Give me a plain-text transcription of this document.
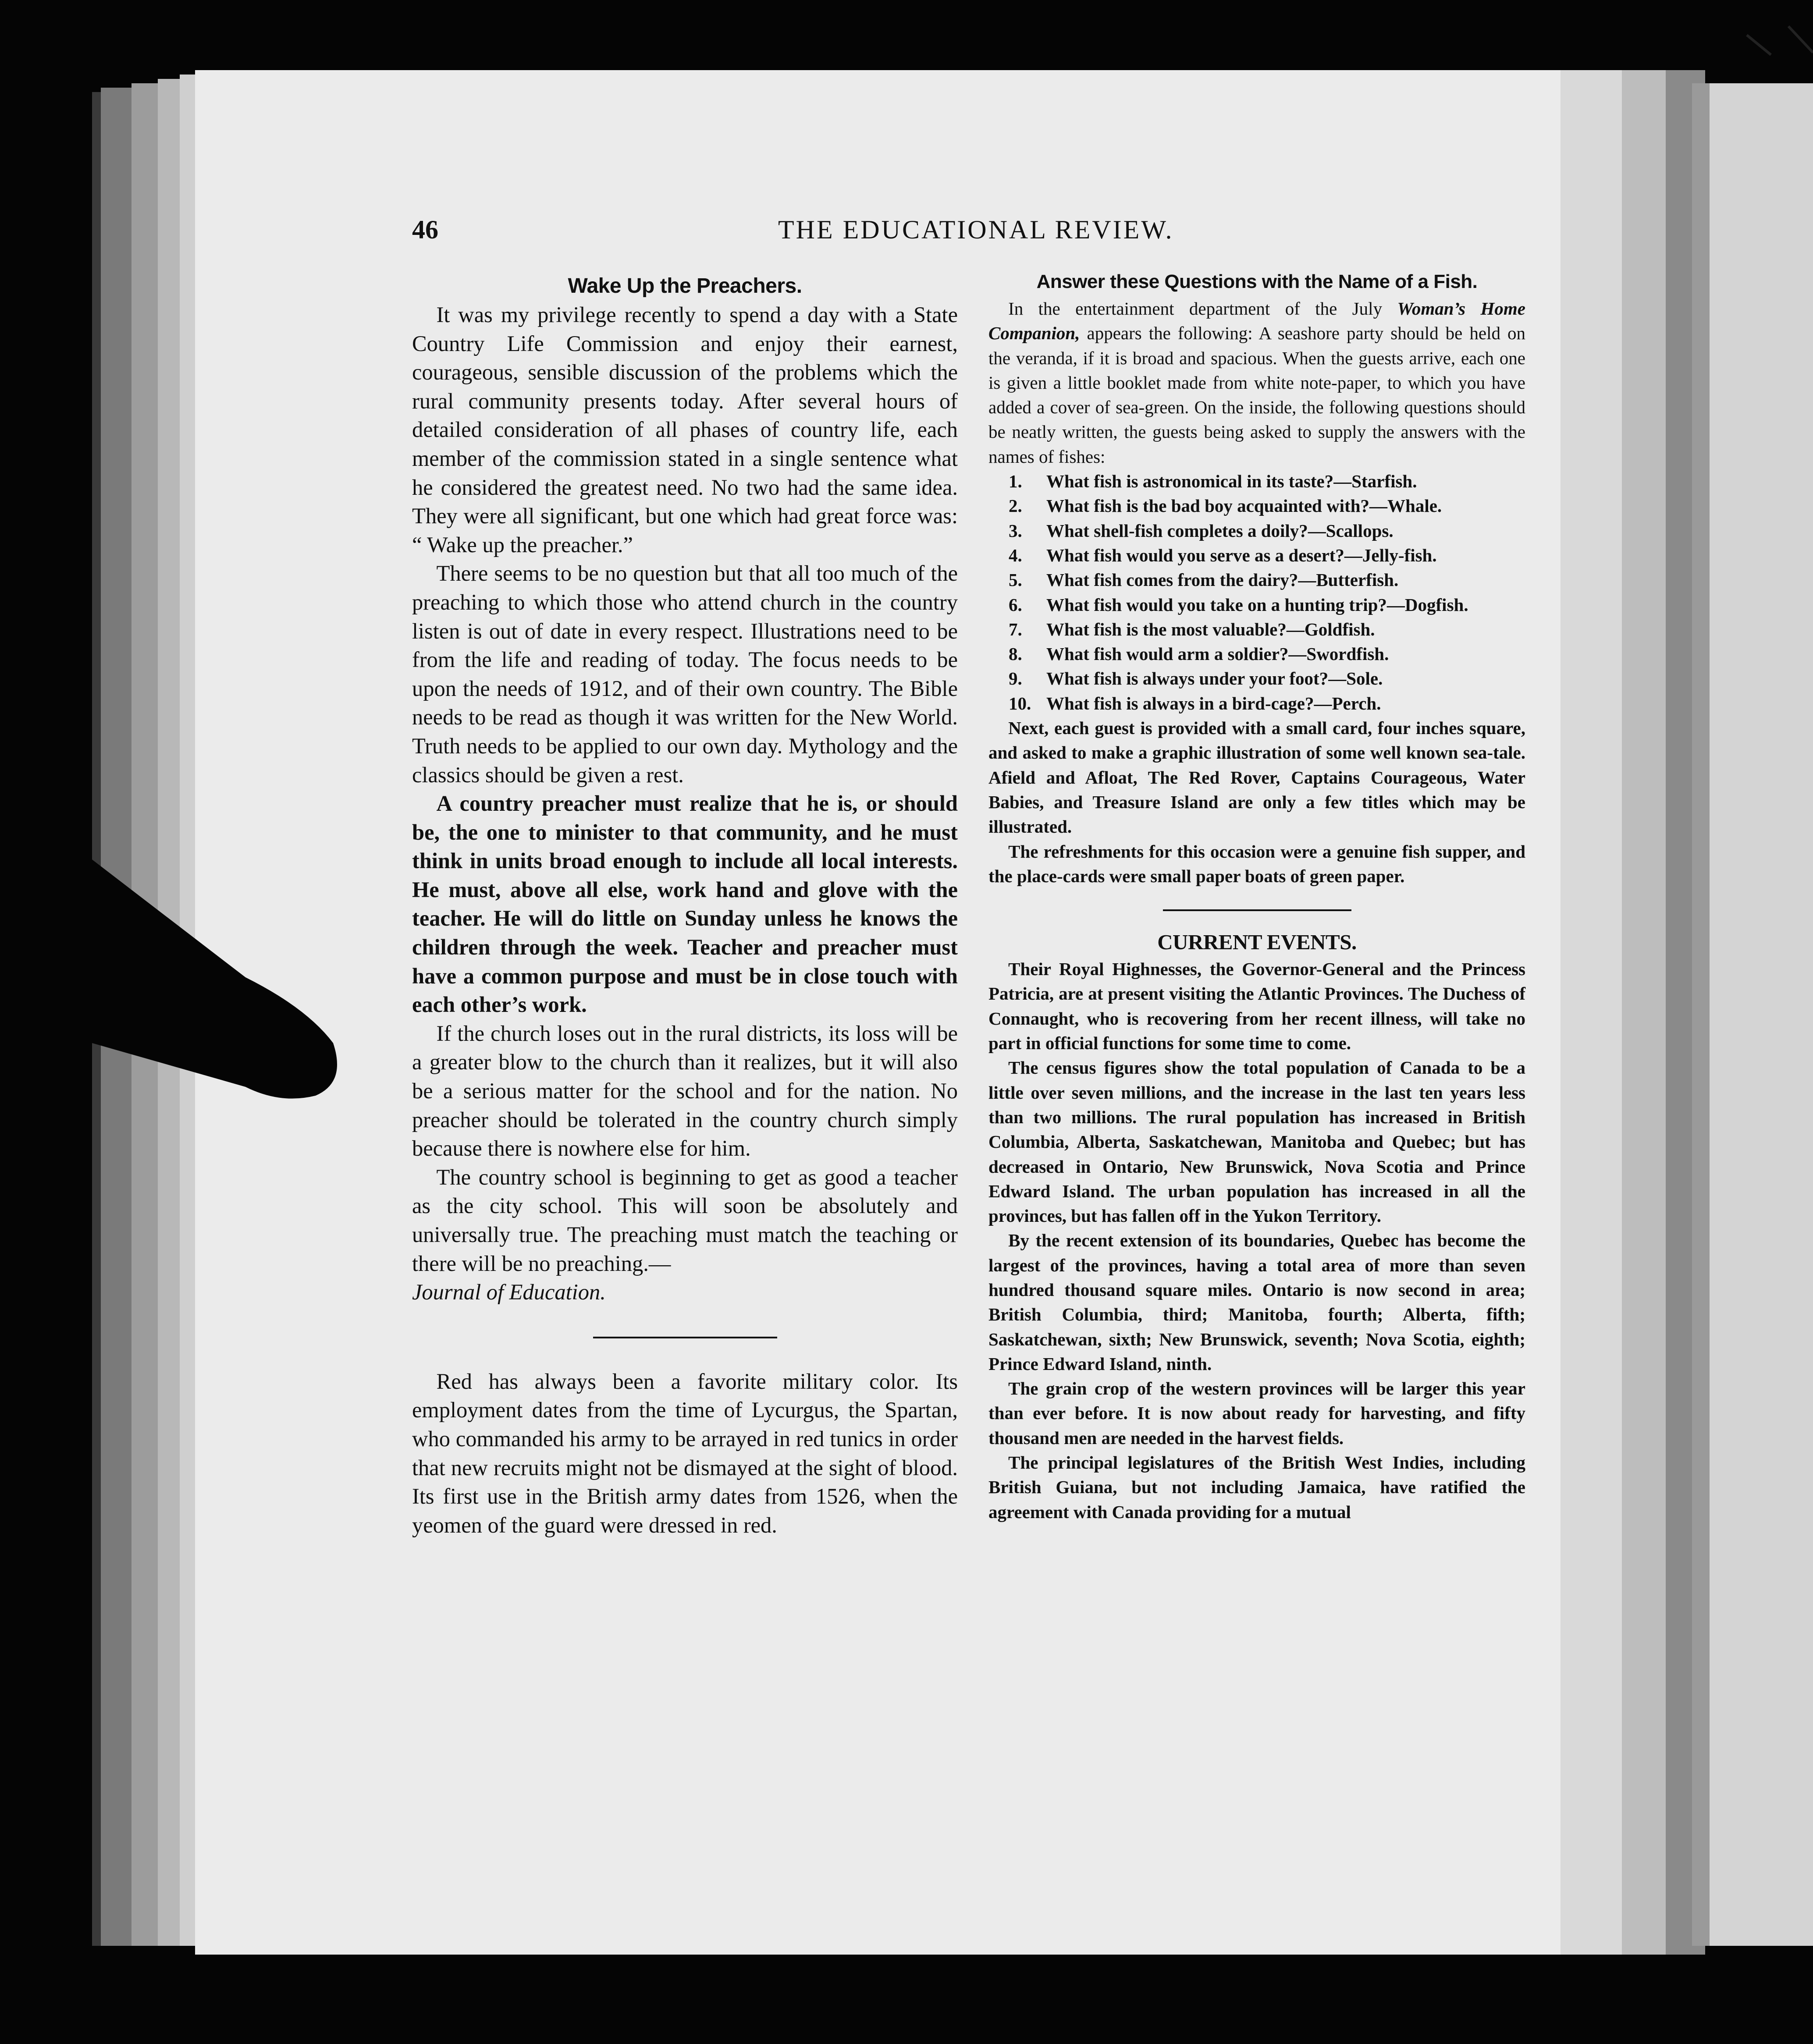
46	THE EDUCATIONAL REVIEW.
Wake Up the Preachers.

It was my privilege recently to spend a day with a State Country Life Commission and enjoy their earnest, courageous, sensible discussion of the problems which the rural community presents today. After several hours of detailed consideration of all phases of country life, each member of the commission stated in a single sentence what he considered the greatest need. No two had the same idea. They were all significant, but one which had great force was: “ Wake up the preacher.”

There seems to be no question but that all too much of the preaching to which those who attend church in the country listen is out of date in every respect. Illustrations need to be from the life and reading of today. The focus needs to be upon the needs of 1912, and of their own country. The Bible needs to be read as though it was written for the New World. Truth needs to be applied to our own day. Mythology and the classics should be given a rest.

A country preacher must realize that he is, or should be, the one to minister to that community, and he must think in units broad enough to include all local interests. He must, above all else, work hand and glove with the teacher. He will do little on Sunday unless he knows the children through the week. Teacher and preacher must have a common purpose and must be in close touch with each other’s work.

If the church loses out in the rural districts, its loss will be a greater blow to the church than it realizes, but it will also be a serious matter for the school and for the nation. No preacher should be tolerated in the country church simply because there is nowhere else for him.

The country school is beginning to get as good a teacher as the city school. This will soon be absolutely and universally true. The preaching must match the teaching or there will be no preaching.—

Journal of Education.

Red has always been a favorite military color. Its employment dates from the time of Lycurgus, the Spartan, who commanded his army to be arrayed in red tunics in order that new recruits might not be dismayed at the sight of blood. Its first use in the British army dates from 1526, when the yeomen of the guard were dressed in red.

Answer these Questions with the Name of a Fish.

In the entertainment department of the July Woman’s Home Companion, appears the following: A seashore party should be held on the veranda, if it is broad and spacious. When the guests arrive, each one is given a little booklet made from white note-paper, to which you have added a cover of sea-green. On the inside, the following questions should be neatly written, the guests being asked to supply the answers with the names of fishes:

1.	What fish is astronomical in its taste?—Starfish.
2.	What fish is the bad boy acquainted with?—Whale.
3.	What shell-fish completes a doily?—Scallops.
4.	What fish would you serve as a desert?—Jelly-fish.
5.	What fish comes from the dairy?—Butterfish.
6.	What fish would you take on a hunting trip?—Dogfish.
7.	What fish is the most valuable?—Goldfish.
8.	What fish would arm a soldier?—Swordfish.
9.	What fish is always under your foot?—Sole.
10. What fish is always in a bird-cage?—Perch.

Next, each guest is provided with a small card, four inches square, and asked to make a graphic illustration of some well known sea-tale. Afield and Afloat, The Red Rover, Captains Courageous, Water Babies, and Treasure Island are only a few titles which may be illustrated.

The refreshments for this occasion were a genuine fish supper, and the place-cards were small paper boats of green paper.

CURRENT EVENTS.

Their Royal Highnesses, the Governor-General and the Princess Patricia, are at present visiting the Atlantic Provinces. The Duchess of Connaught, who is recovering from her recent illness, will take no part in official functions for some time to come.

The census figures show the total population of Canada to be a little over seven millions, and the increase in the last ten years less than two millions. The rural population has increased in British Columbia, Alberta, Saskatchewan, Manitoba and Quebec; but has decreased in Ontario, New Brunswick, Nova Scotia and Prince Edward Island. The urban population has increased in all the provinces, but has fallen off in the Yukon Territory.

By the recent extension of its boundaries, Quebec has become the largest of the provinces, having a total area of more than seven hundred thousand square miles. Ontario is now second in area; British Columbia, third; Manitoba, fourth; Alberta, fifth; Saskatchewan, sixth; New Brunswick, seventh; Nova Scotia, eighth; Prince Edward Island, ninth.

The grain crop of the western provinces will be larger this year than ever before. It is now about ready for harvesting, and fifty thousand men are needed in the harvest fields.

The principal legislatures of the British West Indies, including British Guiana, but not including Jamaica, have ratified the agreement with Canada providing for a mutual
